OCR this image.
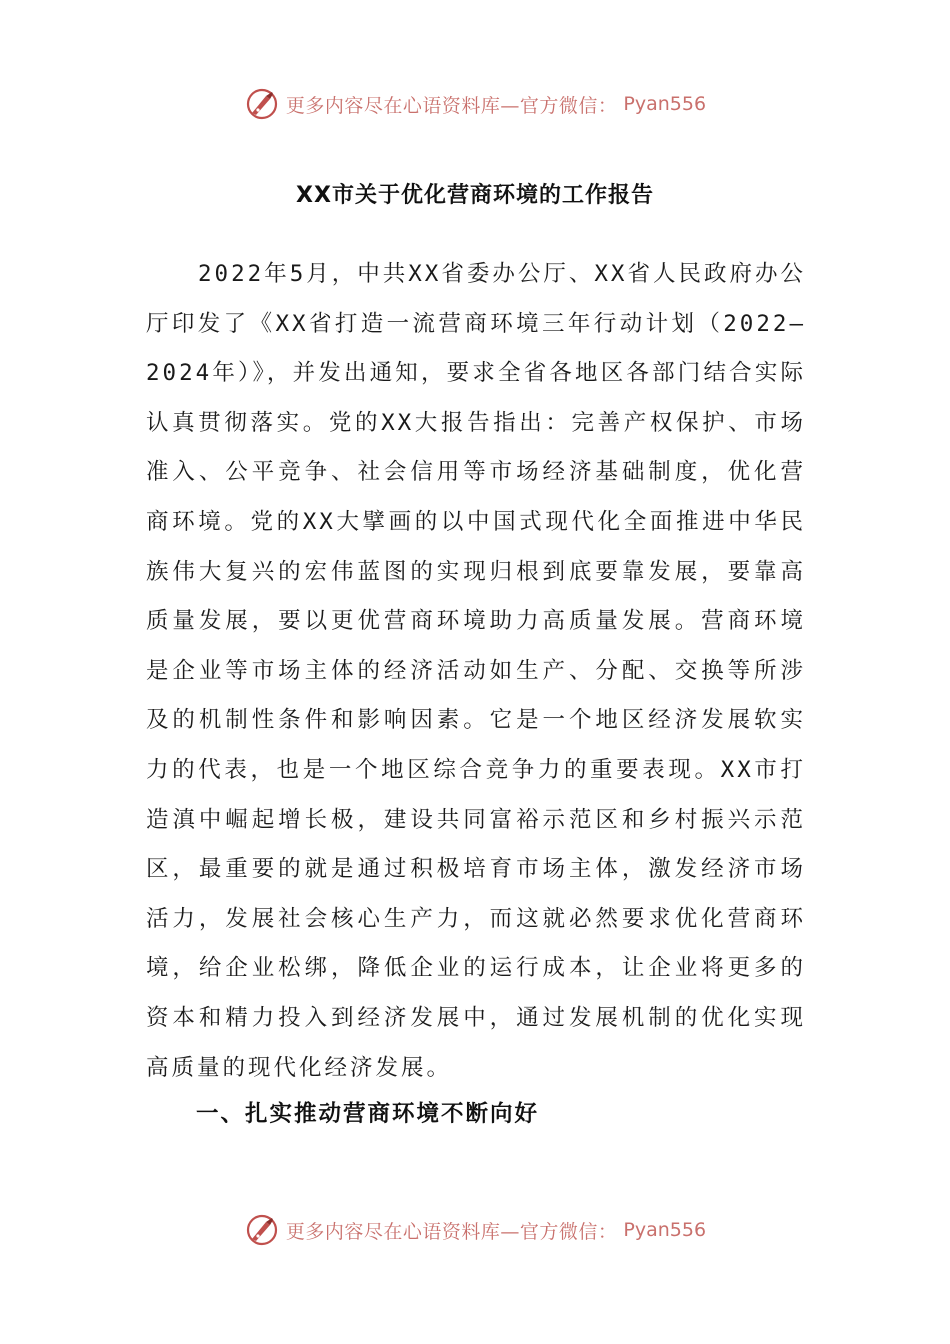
更多内容尽在心语资料库—官方微信： Pyan556
XX市关于优化营商环境的工作报告

2022年5月，中共XX省委办公厅、XX省人民政府办公厅印发了《XX省打造一流营商环境三年行动计划（2022—2024年）》，并发出通知，要求全省各地区各部门结合实际认真贯彻落实。党的XX大报告指出：完善产权保护、市场准入、公平竞争、社会信用等市场经济基础制度，优化营商环境。党的XX大擘画的以中国式现代化全面推进中华民族伟大复兴的宏伟蓝图的实现归根到底要靠发展，要靠高质量发展，要以更优营商环境助力高质量发展。营商环境是企业等市场主体的经济活动如生产、分配、交换等所涉及的机制性条件和影响因素。它是一个地区经济发展软实力的代表，也是一个地区综合竞争力的重要表现。XX市打造滇中崛起增长极，建设共同富裕示范区和乡村振兴示范区，最重要的就是通过积极培育市场主体，激发经济市场活力，发展社会核心生产力，而这就必然要求优化营商环境，给企业松绑，降低企业的运行成本，让企业将更多的资本和精力投入到经济发展中，通过发展机制的优化实现高质量的现代化经济发展。

一、扎实推动营商环境不断向好
更多内容尽在心语资料库—官方微信： Pyan556
